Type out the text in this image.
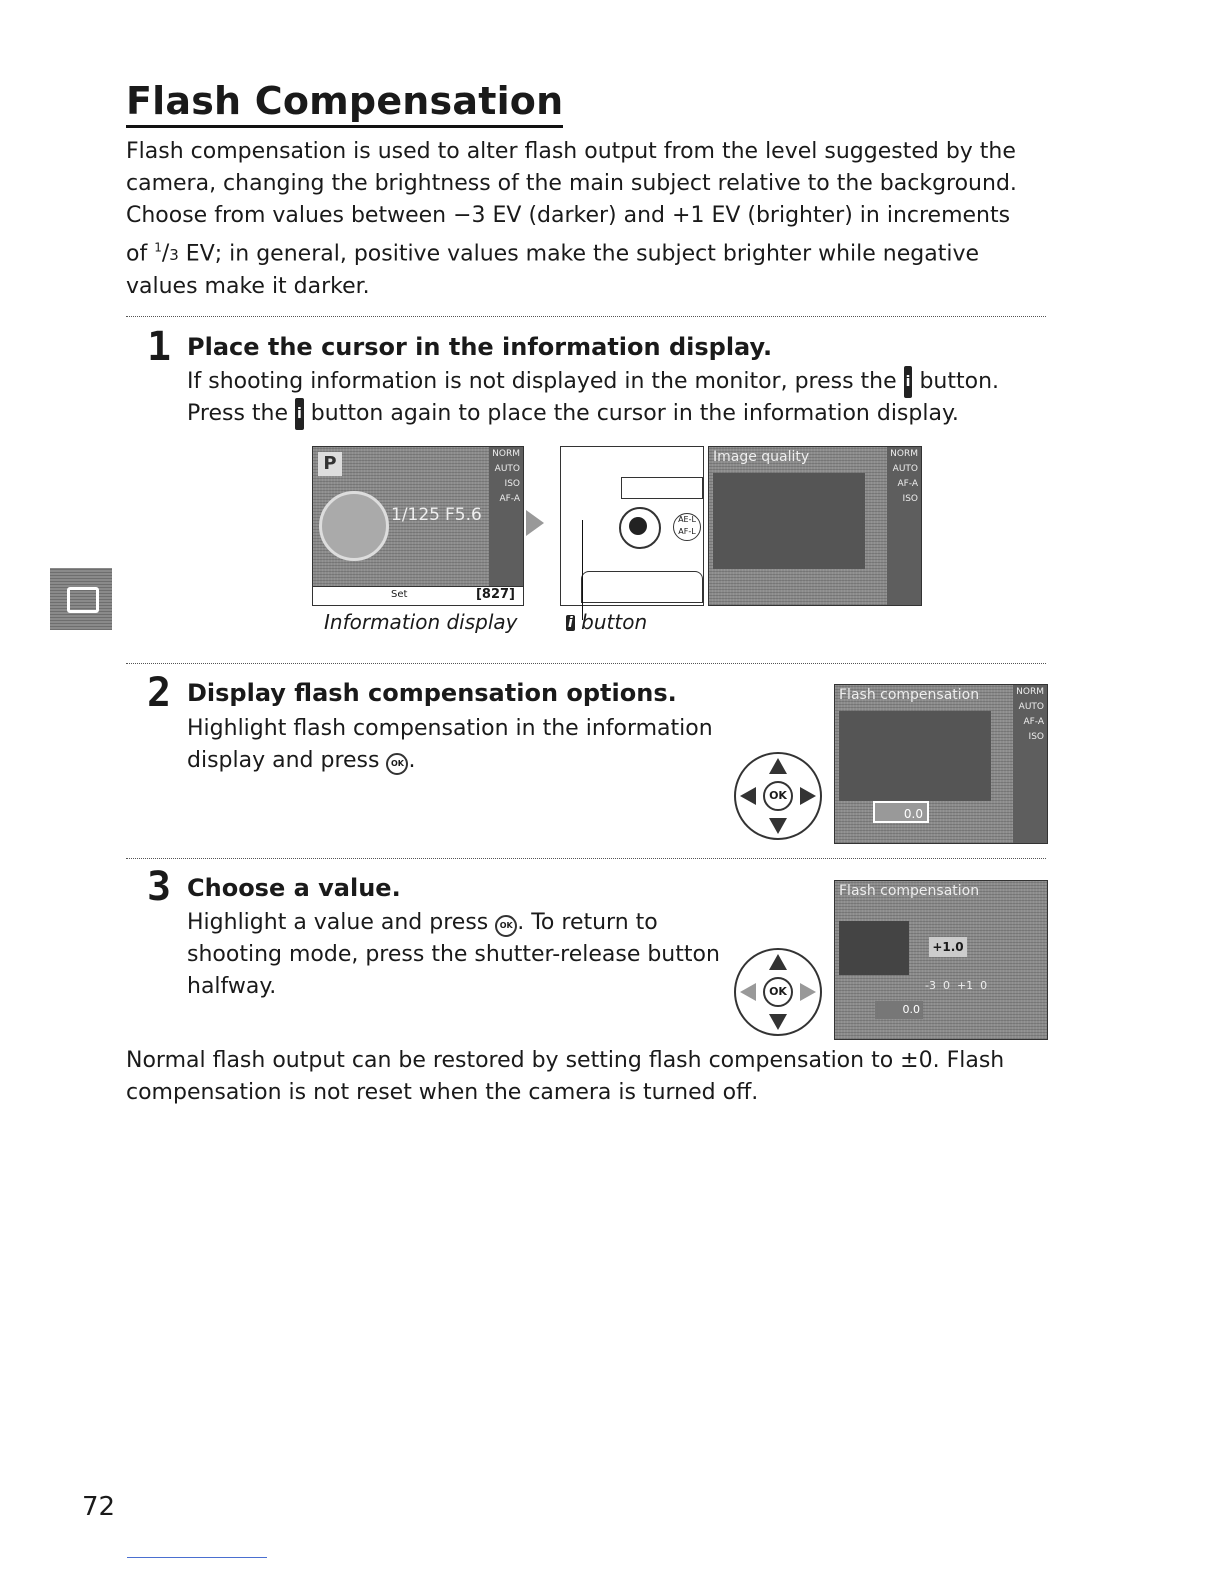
Flash Compensation
Flash compensation is used to alter flash output from the level suggested by the camera, changing the brightness of the main subject relative to the background. Choose from values between −3 EV (darker) and +1 EV (brighter) in increments of $^1$/3 EV; in general, positive values make the subject brighter while negative values make it darker.
1 Place the cursor in the information display.
If shooting information is not displayed in the monitor, press the i button.
Press the i button again to place the cursor in the information display.
P
1/125 F5.6
NORM
AUTO
ISO
AF-A
Set	[827]
AE-L AF-L
Image quality	NORM
AUTO
AF-A
ISO
Information display	i button
2 Display flash compensation options.
Highlight flash compensation in the information display and press OK .
OK
Flash compensation
0.0
NORM
AUTO
AF-A
ISO
3 Choose a value.
Highlight a value and press OK . To return to shooting mode, press the shutter-release button halfway.	OK
Flash compensation
+1.0
-3  0  +1  0
0.0
Normal flash output can be restored by setting flash compensation to ±0. Flash compensation is not reset when the camera is turned off.
72
